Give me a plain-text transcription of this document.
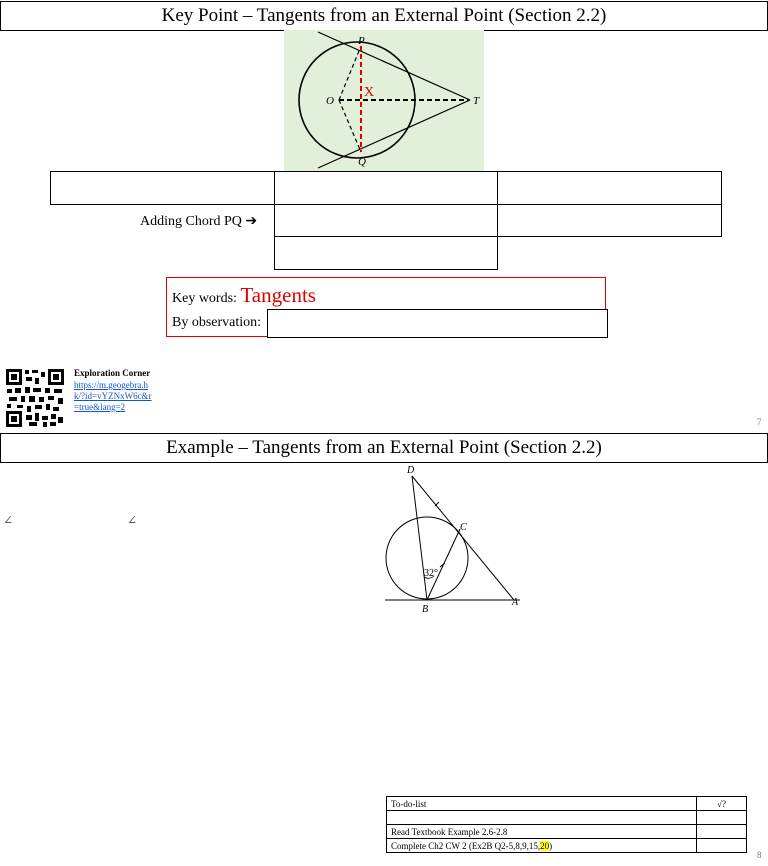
Key Point – Tangents from an External Point (Section 2.2)
P
Q
O	T
X
Adding Chord PQ ➔
Key words: Tangents
By observation:
Exploration Corner
https://m.geogebra.h
k/?id=vYZNxW6c&r
=true&lang=2
7
Example – Tangents from an External Point (Section 2.2)
∠	∠
D
C
B
A
32°
To-do-list	√?

Read Textbook Example 2.6-2.8	
Complete Ch2 CW 2 (Ex2B Q2-5,8,9,15,20)	
8
